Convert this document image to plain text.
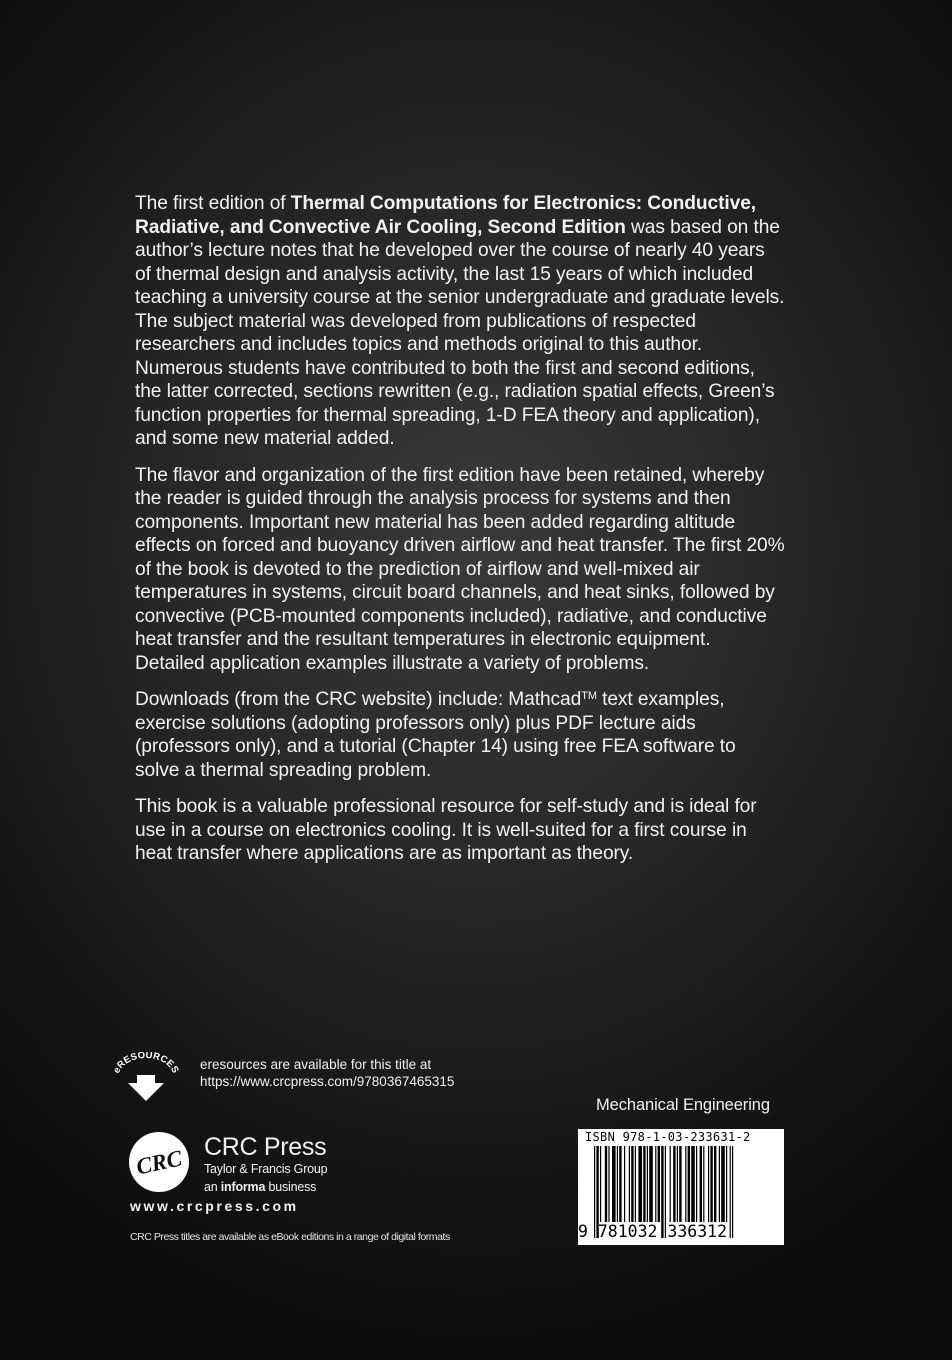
The first edition of Thermal Computations for Electronics: Conductive, Radiative, and Convective Air Cooling, Second Edition was based on the author’s lecture notes that he developed over the course of nearly 40 years of thermal design and analysis activity, the last 15 years of which included teaching a university course at the senior undergraduate and graduate levels. The subject material was developed from publications of respected researchers and includes topics and methods original to this author. Numerous students have contributed to both the first and second editions, the latter corrected, sections rewritten (e.g., radiation spatial effects, Green’s function properties for thermal spreading, 1-D FEA theory and application), and some new material added.

The flavor and organization of the first edition have been retained, whereby the reader is guided through the analysis process for systems and then components. Important new material has been added regarding altitude effects on forced and buoyancy driven airflow and heat transfer. The first 20% of the book is devoted to the prediction of airflow and well-mixed air temperatures in systems, circuit board channels, and heat sinks, followed by convective (PCB-mounted components included), radiative, and conductive heat transfer and the resultant temperatures in electronic equipment. Detailed application examples illustrate a variety of problems.

Downloads (from the CRC website) include: Mathcad™ text examples, exercise solutions (adopting professors only) plus PDF lecture aids (professors only), and a tutorial (Chapter 14) using free FEA software to solve a thermal spreading problem.

This book is a valuable professional resource for self-study and is ideal for use in a course on electronics cooling. It is well-suited for a first course in heat transfer where applications are as important as theory.

eRESOURCES eresources are available for this title at
https://www.crcpress.com/9780367465315
CRC CRC Press
Taylor & Francis Group
an informa business
www.crcpress.com
CRC Press titles are available as eBook editions in a range of digital formats
Mechanical Engineering
ISBN 978-1-03-233631-2
9 781032 336312
